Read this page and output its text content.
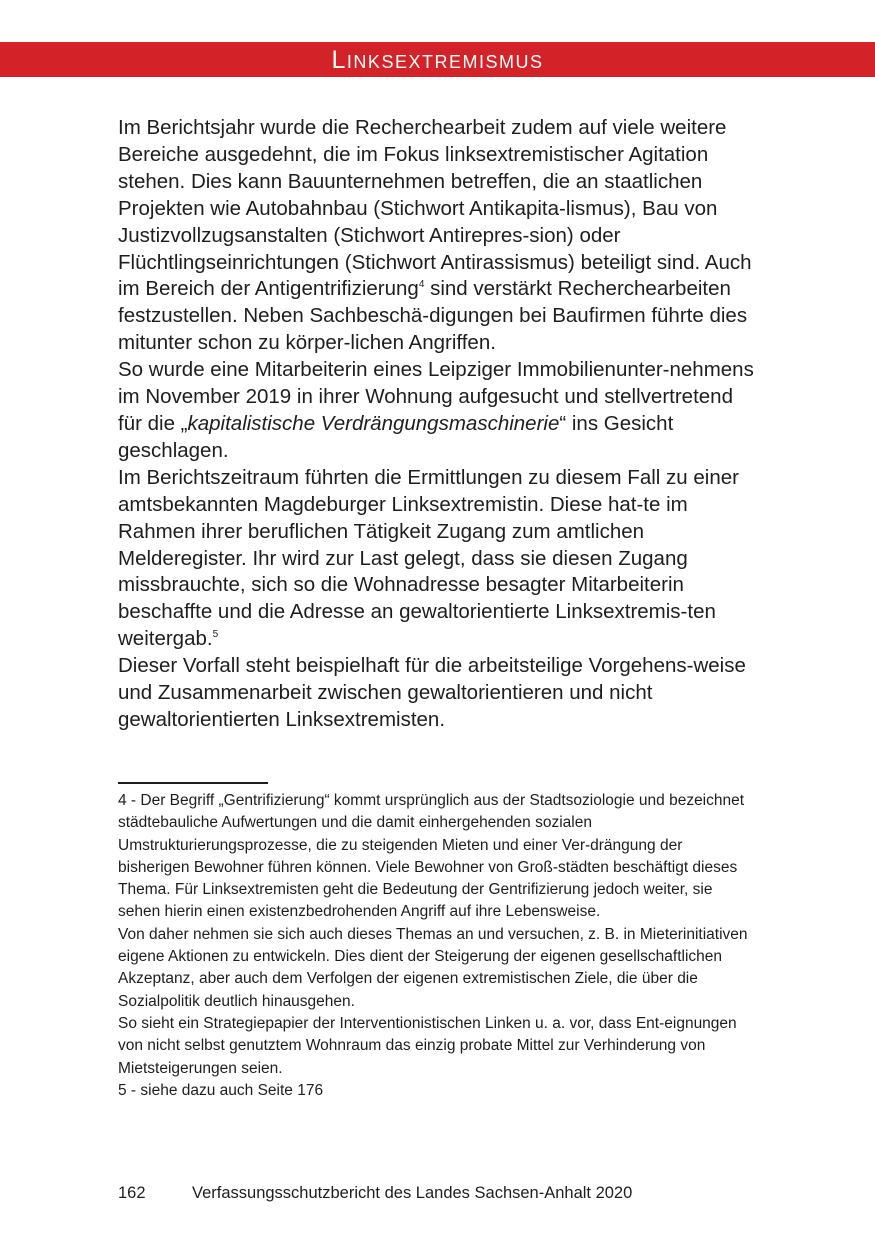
Linksextremismus

Im Berichtsjahr wurde die Recherchearbeit zudem auf viele weitere Bereiche ausgedehnt, die im Fokus linksextremistischer Agitation stehen. Dies kann Bauunternehmen betreffen, die an staatlichen Projekten wie Autobahnbau (Stichwort Antikapita-lismus), Bau von Justizvollzugsanstalten (Stichwort Antirepres-sion) oder Flüchtlingseinrichtungen (Stichwort Antirassismus) beteiligt sind. Auch im Bereich der Antigentrifizierung$^4$ sind verstärkt Recherchearbeiten festzustellen. Neben Sachbeschä-digungen bei Baufirmen führte dies mitunter schon zu körper-lichen Angriffen.

So wurde eine Mitarbeiterin eines Leipziger Immobilienunter-nehmens im November 2019 in ihrer Wohnung aufgesucht und stellvertretend für die „kapitalistische Verdrängungsmaschinerie“ ins Gesicht geschlagen.

Im Berichtszeitraum führten die Ermittlungen zu diesem Fall zu einer amtsbekannten Magdeburger Linksextremistin. Diese hat-te im Rahmen ihrer beruflichen Tätigkeit Zugang zum amtlichen Melderegister. Ihr wird zur Last gelegt, dass sie diesen Zugang missbrauchte, sich so die Wohnadresse besagter Mitarbeiterin beschaffte und die Adresse an gewaltorientierte Linksextremis-ten weitergab.$^5$

Dieser Vorfall steht beispielhaft für die arbeitsteilige Vorgehens-weise und Zusammenarbeit zwischen gewaltorientieren und nicht gewaltorientierten Linksextremisten.

4 - Der Begriff „Gentrifizierung“ kommt ursprünglich aus der Stadtsoziologie und bezeichnet städtebauliche Aufwertungen und die damit einhergehenden sozialen Umstrukturierungsprozesse, die zu steigenden Mieten und einer Ver-drängung der bisherigen Bewohner führen können. Viele Bewohner von Groß-städten beschäftigt dieses Thema. Für Linksextremisten geht die Bedeutung der Gentrifizierung jedoch weiter, sie sehen hierin einen existenzbedrohenden Angriff auf ihre Lebensweise.

Von daher nehmen sie sich auch dieses Themas an und versuchen, z. B. in Mieterinitiativen eigene Aktionen zu entwickeln. Dies dient der Steigerung der eigenen gesellschaftlichen Akzeptanz, aber auch dem Verfolgen der eigenen extremistischen Ziele, die über die Sozialpolitik deutlich hinausgehen.

So sieht ein Strategiepapier der Interventionistischen Linken u. a. vor, dass Ent-eignungen von nicht selbst genutztem Wohnraum das einzig probate Mittel zur Verhinderung von Mietsteigerungen seien.

5 - siehe dazu auch Seite 176

162	Verfassungsschutzbericht des Landes Sachsen-Anhalt 2020
